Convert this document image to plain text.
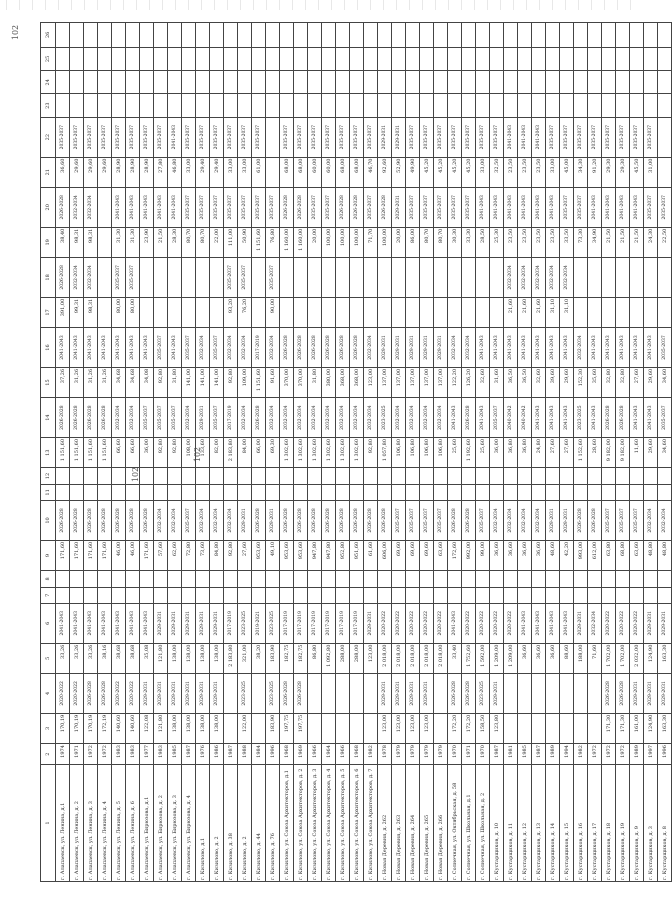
102
102
102
1	2	3	4	5	6	7	8	9	10	11	12	13	14	15	16	17	18	19	20	21	22	23	24	25	26
г. Алапаевск, ул. Ленина, д.1	1974	170,19	2020-2022	33,26	2041-2043			171,60	2026-2028			1 151,60	2026-2028	37,26	2041-2043	391,00	2026-2028	38,40	2026-2028	36,60	2035-2037				
г. Алапаевск, ул. Ленина, д. 2	1971	170,19	2020-2022	33,26	2041-2043			171,60	2026-2028			1 151,60	2026-2028	31,26	2041-2043	99,31	2032-2034	98,31	2032-2034	29,60	2035-2037				
г. Алапаевск, ул. Ленина, д. 3	1972	170,19	2026-2028	33,26	2041-2043			171,60	2026-2028			1 151,60	2026-2028	31,26	2041-2043	98,31	2032-2034	98,31	2032-2034	29,60	2035-2037				
г. Алапаевск, ул. Ленина, д. 4	1972	172,19	2026-2028	38,16	2041-2043			171,60	2026-2028			1 151,60	2026-2028	31,26	2041-2043					29,60	2035-2037				
г. Алапаевск, ул. Ленина, д. 5	1983	140,60	2020-2022	38,68	2041-2043			46,00	2026-2028			66,60	2032-2034	34,68	2041-2043	80,00	2035-2037	31,30	2041-2043	28,90	2035-2037				
г. Алапаевск, ул. Ленина, д. 6	1983	140,60	2020-2022	38,68	2041-2043			46,00	2026-2028			66,60	2032-2034	34,68	2041-2043	80,00	2035-2037	31,30	2041-2043	28,90	2035-2037				
г. Алапаевск, ул. Бирюзова, д.1	1977	122,08	2029-2031	35,08	2041-2043			171,60	2026-2028			36,00	2035-2037	34,08	2041-2043			23,90	2041-2043	28,90	2035-2037				
г. Алапаевск, ул. Бирюзова, д. 2	1983	121,80	2029-2031	121,80	2029-2031			57,60	2032-2034			92,80	2035-2037	92,80	2035-2037			21,50	2041-2043	27,80	2035-2037				
г. Алапаевск, ул. Бирюзова, д. 3	1985	138,00	2029-2031	138,00	2029-2031			62,60	2032-2034			92,80	2035-2037	31,80	2041-2043			28,30	2041-2043	46,80	2041-2043				
г. Алапаевск, ул. Бирюзова, д. 4	1987	138,00	2029-2031	138,00	2029-2031			72,80	2035-2037			108,00	2032-2034	141,00	2035-2037			80,70	2035-2037	33,00	2035-2037				
г. Кизилово, д.1	1976	138,00	2029-2031	138,00	2029-2031			73,60	2032-2034			133,60	2029-2031	141,00	2032-2034			80,70	2035-2037	29,40	2035-2037				
г. Кизилово, д. 2	1986	138,00	2029-2031	138,00	2029-2031			84,80	2032-2034			82,00	2035-2037	141,00	2035-2037			22,00	2035-2037	29,40	2035-2037				
г. Кизилово, д. 38	1987			2 183,80	2017-2019			92,80	2032-2034			2 183,80	2017-2019	92,80	2032-2034	93,20	2035-2037	111,00	2035-2037	33,00	2035-2037				
г. Кизилово, д. 2	1988	122,00	2023-2025	321,00	2023-2025			27,60	2029-2031			84,00	2032-2034	109,00	2032-2034	76,20	2035-2037	50,90	2035-2037	33,00	2035-2037				
г. Кизилово, д. 44	1984			38,20	2019-2021			953,60	2026-2028			66,00	2026-2028	1 151,60	2017-2019			1 151,60	2035-2037	61,00	2035-2037				
г. Кизилово, д. 76	1996	183,90	2023-2025	183,90	2023-2025			49,10	2029-2031			69,30	2032-2034	91,60	2032-2034	90,00	2035-2037	76,80	2035-2037						
г. Кизилово, ул. Союза Архитекторов, д.1	1968	197,75	2026-2028	182,75	2017-2019			953,60	2026-2028			1 302,60	2032-2034	370,00	2026-2028			1 160,00	2026-2028	68,00	2035-2037				
г. Кизилово, ул. Союза Архитекторов, д. 2	1969	197,75	2026-2028	182,75	2017-2019			953,60	2026-2028			1 302,60	2032-2034	370,00	2026-2028			1 160,00	2026-2028	68,00	2035-2037				
г. Кизилово, ул. Союза Архитекторов, д. 3	1966			86,80	2017-2019			947,80	2026-2028			1 302,60	2032-2034	31,80	2026-2028			20,00	2035-2037	60,00	2035-2037				
г. Кизилово, ул. Союза Архитекторов, д. 4	1964			1 092,80	2017-2019			947,80	2026-2028			1 302,60	2032-2034	380,00	2026-2028			100,00	2035-2037	60,00	2035-2037				
г. Кизилово, ул. Союза Архитекторов, д. 5	1966			288,00	2017-2019			952,80	2026-2028			1 302,60	2032-2034	368,00	2026-2028			100,00	2026-2028	68,00	2035-2037				
г. Кизилово, ул. Союза Архитекторов, д. 6	1968			288,00	2017-2019			951,60	2026-2028			1 302,60	2032-2034	368,00	2026-2028			100,00	2026-2028	68,00	2035-2037				
г. Кизилово, ул. Союза Архитекторов, д. 7	1982			123,00	2029-2031			61,60	2026-2028			92,80	2032-2034	123,00	2032-2034			71,70	2035-2037	46,70	2035-2037				
г. Новая Деревня, д. 262	1978	123,00	2029-2031	2 018,00	2020-2022			606,00	2026-2028			1 057,80	2023-2025	137,00	2029-2031			100,00	2026-2028	92,60	2029-2031				
г. Новая Деревня, д. 263	1979	123,00	2029-2031	2 018,00	2020-2022			69,60	2035-2037			106,80	2032-2034	137,00	2029-2031			20,00	2029-2031	52,90	2029-2031				
г. Новая Деревня, д. 264	1979	123,00	2029-2031	2 018,00	2020-2022			69,60	2035-2037			106,80	2032-2034	137,00	2029-2031			86,00	2035-2037	49,90	2035-2037				
г. Новая Деревня, д. 265	1979	123,00	2029-2031	2 018,00	2020-2022			69,60	2035-2037			106,80	2032-2034	137,00	2029-2031			80,70	2035-2037	45,20	2035-2037				
г. Новая Деревня, д. 266	1979			2 018,00	2020-2022			63,60	2035-2037			106,80	2032-2034	137,00	2029-2031			80,70	2035-2037	45,20	2035-2037				
г. Солнечная, ул. Октябрьская, д. 58	1970	172,20	2026-2028	33,40	2041-2043			172,60	2026-2028			25,60	2041-2043	122,20	2032-2034			30,30	2035-2037	45,20	2035-2037				
г. Солнечная, ул. Школьная, д.1	1971	172,20	2026-2028	1 752,60	2020-2022			992,00	2026-2028			1 192,60	2026-2028	126,20	2032-2034			33,30	2035-2037	45,20	2035-2037				
г. Солнечная, ул. Школьная, д. 2	1970	158,50	2023-2025	1 592,00	2020-2022			99,00	2035-2037			25,60	2041-2043	32,60	2041-2043			28,50	2041-2043	33,00	2035-2037				
г. Кустарщиков, д. 10	1987	123,80	2029-2031	1 209,00	2020-2022			36,60	2032-2034			36,00	2035-2037	31,60	2041-2043			25,30	2041-2043	32,50	2035-2037				
г. Кустарщиков, д. 11	1981			1 209,00	2020-2022			36,60	2032-2034			36,80	2040-2042	36,50	2041-2043	21,60	2032-2034	23,50	2041-2043	23,50	2041-2043				
г. Кустарщиков, д. 12	1985			36,60	2041-2043			36,60	2032-2034			36,80	2040-2042	36,50	2041-2043	21,60	2032-2034	23,50	2041-2043	23,50	2041-2043				
г. Кустарщиков, д. 13	1987			36,60	2041-2043			36,60	2032-2034			24,80	2041-2043	32,60	2041-2043	21,60	2032-2034	23,50	2041-2043	23,50	2041-2043				
г. Кустарщиков, д. 14	1989			36,60	2041-2043			48,60	2029-2031			27,60	2041-2043	39,60	2041-2043	31,10	2032-2034	23,50	2041-2043	33,00	2035-2037				
г. Кустарщиков, д. 15	1994			88,60	2041-2043			42,20	2029-2031			27,60	2041-2043	29,60	2041-2043	31,10	2032-2034	33,50	2035-2037	45,00	2035-2037				
г. Кустарщиков, д. 16	1982			188,00	2029-2031			993,00	2026-2028			1 152,60	2023-2025	152,30	2032-2034			73,30	2035-2037	34,30	2035-2037				
г. Кустарщиков, д. 17	1972			71,60	2032-2034			612,00	2026-2028			28,60	2041-2043	35,60	2041-2043			34,90	2041-2043	91,20	2035-2037				
г. Кустарщиков, д. 18	1972	171,30	2026-2028	1 702,00	2020-2022			63,80	2035-2037			9 182,00	2026-2028	32,80	2041-2043			21,50	2041-2043	29,30	2035-2037				
г. Кустарщиков, д. 19	1972	171,30	2026-2028	1 702,00	2020-2022			68,80	2035-2037			9 182,00	2026-2028	32,80	2041-2043			21,50	2041-2043	29,30	2035-2037				
г. Кустарщиков, д. 9	1989	161,00	2029-2031	2 032,00	2020-2022			63,60	2035-2037			11,60	2041-2043	27,60	2041-2043			21,50	2041-2043	45,50	2035-2037				
г. Кустарщиков, д. 3	1997	124,90	2029-2031	124,90	2029-2031			48,80	2032-2034			29,60	2041-2043	29,60	2041-2043			24,30	2035-2037	31,00	2035-2037				
г. Кустарщиков, д. 8	1996	163,30	2029-2031	163,30	2029-2031			48,80	2032-2034			34,60	2035-2037	34,60	2035-2037			22,50	2035-2037						
